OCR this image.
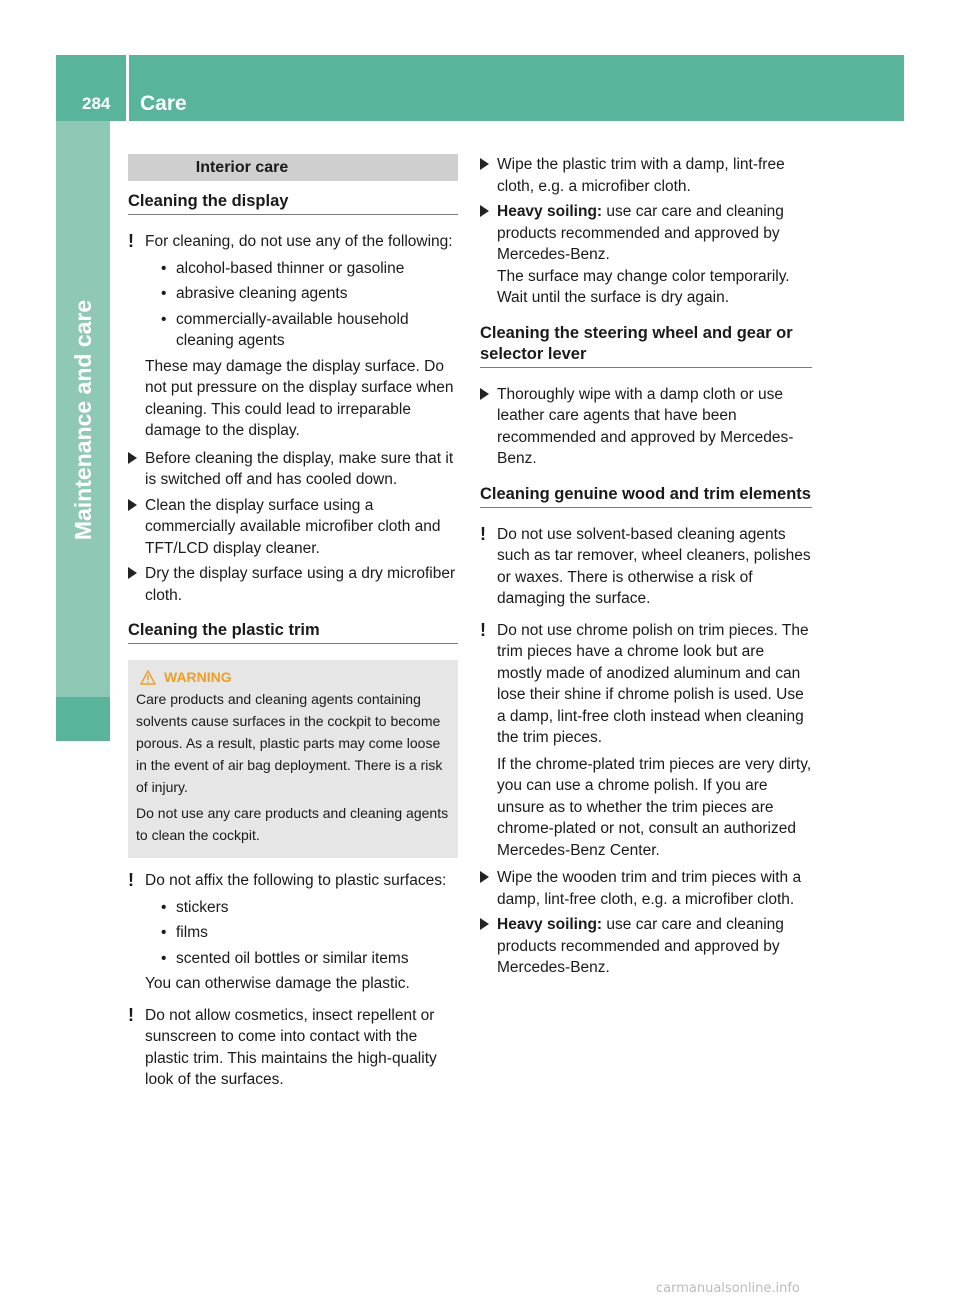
284 Care
Maintenance and care
Interior care
Cleaning the display
! For cleaning, do not use any of the following:
• alcohol-based thinner or gasoline
• abrasive cleaning agents
• commercially-available household cleaning agents
These may damage the display surface. Do not put pressure on the display surface when cleaning. This could lead to irreparable damage to the display.
Before cleaning the display, make sure that it is switched off and has cooled down.
Clean the display surface using a commercially available microfiber cloth and TFT/LCD display cleaner.
Dry the display surface using a dry microfiber cloth.
Cleaning the plastic trim
WARNING

Care products and cleaning agents containing solvents cause surfaces in the cockpit to become porous. As a result, plastic parts may come loose in the event of air bag deployment. There is a risk of injury.

Do not use any care products and cleaning agents to clean the cockpit.

! Do not affix the following to plastic surfaces:
• stickers
• films
• scented oil bottles or similar items
You can otherwise damage the plastic.
! Do not allow cosmetics, insect repellent or sunscreen to come into contact with the plastic trim. This maintains the high-quality look of the surfaces.
Wipe the plastic trim with a damp, lint-free cloth, e.g. a microfiber cloth.
Heavy soiling: use car care and cleaning products recommended and approved by Mercedes-Benz.
The surface may change color temporarily. Wait until the surface is dry again.
Cleaning the steering wheel and gear or selector lever
Thoroughly wipe with a damp cloth or use leather care agents that have been recommended and approved by Mercedes-Benz.
Cleaning genuine wood and trim elements
! Do not use solvent-based cleaning agents such as tar remover, wheel cleaners, polishes or waxes. There is otherwise a risk of damaging the surface.
! Do not use chrome polish on trim pieces. The trim pieces have a chrome look but are mostly made of anodized aluminum and can lose their shine if chrome polish is used. Use a damp, lint-free cloth instead when cleaning the trim pieces.
If the chrome-plated trim pieces are very dirty, you can use a chrome polish. If you are unsure as to whether the trim pieces are chrome-plated or not, consult an authorized Mercedes-Benz Center.
Wipe the wooden trim and trim pieces with a damp, lint-free cloth, e.g. a microfiber cloth.
Heavy soiling: use car care and cleaning products recommended and approved by Mercedes-Benz.
carmanualsonline.info
